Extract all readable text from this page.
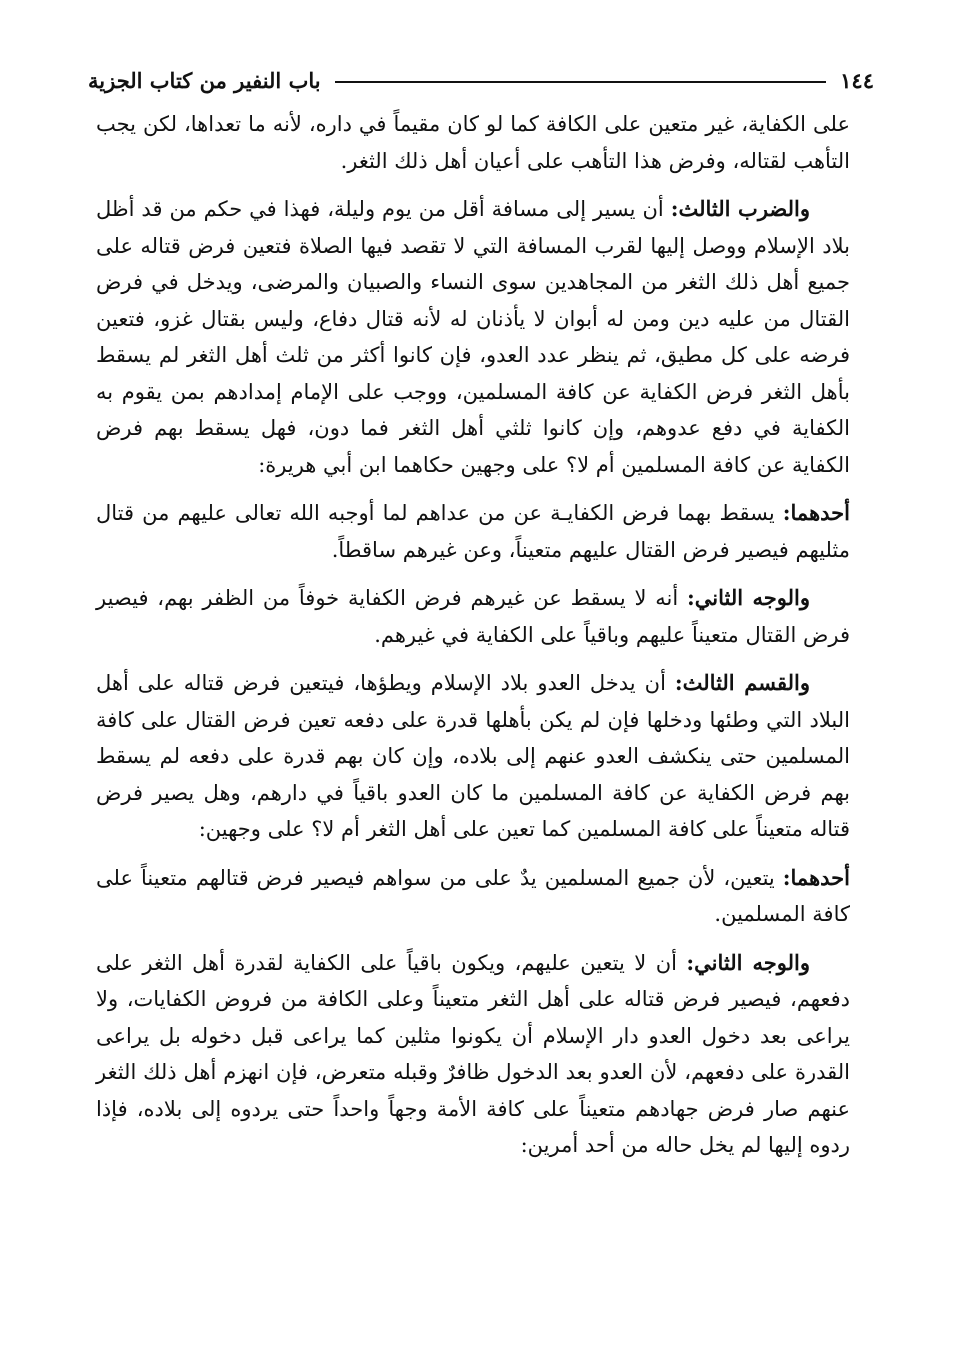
١٤٤
باب النفير من كتاب الجزية

على الكفاية، غير متعين على الكافة كما لو كان مقيماً في داره، لأنه ما تعداها، لكن يجب التأهب لقتاله، وفرض هذا التأهب على أعيان أهل ذلك الثغر.

والضرب الثالث: أن يسير إلى مسافة أقل من يوم وليلة، فهذا في حكم من قد أظل بلاد الإسلام ووصل إليها لقرب المسافة التي لا تقصد فيها الصلاة فتعين فرض قتاله على جميع أهل ذلك الثغر من المجاهدين سوى النساء والصبيان والمرضى، ويدخل في فرض القتال من عليه دين ومن له أبوان لا يأذنان له لأنه قتال دفاع، وليس بقتال غزو، فتعين فرضه على كل مطيق، ثم ينظر عدد العدو، فإن كانوا أكثر من ثلث أهل الثغر لم يسقط بأهل الثغر فرض الكفاية عن كافة المسلمين، ووجب على الإمام إمدادهم بمن يقوم به الكفاية في دفع عدوهم، وإن كانوا ثلثي أهل الثغر فما دون، فهل يسقط بهم فرض الكفاية عن كافة المسلمين أم لا؟ على وجهين حكاهما ابن أبي هريرة:

أحدهما: يسقط بهما فرض الكفايـة عن من عداهم لما أوجبه الله تعالى عليهم من قتال مثليهم فيصير فرض القتال عليهم متعيناً، وعن غيرهم ساقطاً.

والوجه الثاني: أنه لا يسقط عن غيرهم فرض الكفاية خوفاً من الظفر بهم، فيصير فرض القتال متعيناً عليهم وباقياً على الكفاية في غيرهم.

والقسم الثالث: أن يدخل العدو بلاد الإسلام ويطؤها، فيتعين فرض قتاله على أهل البلاد التي وطئها ودخلها فإن لم يكن بأهلها قدرة على دفعه تعين فرض القتال على كافة المسلمين حتى ينكشف العدو عنهم إلى بلاده، وإن كان بهم قدرة على دفعه لم يسقط بهم فرض الكفاية عن كافة المسلمين ما كان العدو باقياً في دارهم، وهل يصير فرض قتاله متعيناً على كافة المسلمين كما تعين على أهل الثغر أم لا؟ على وجهين:

أحدهما: يتعين، لأن جميع المسلمين يدٌ على من سواهم فيصير فرض قتالهم متعيناً على كافة المسلمين.

والوجه الثاني: أن لا يتعين عليهم، ويكون باقياً على الكفاية لقدرة أهل الثغر على دفعهم، فيصير فرض قتاله على أهل الثغر متعيناً وعلى الكافة من فروض الكفايات، ولا يراعى بعد دخول العدو دار الإسلام أن يكونوا مثلين كما يراعى قبل دخوله بل يراعى القدرة على دفعهم، لأن العدو بعد الدخول ظافرٌ وقبله متعرض، فإن انهزم أهل ذلك الثغر عنهم صار فرض جهادهم متعيناً على كافة الأمة وجهاً واحداً حتى يردوه إلى بلاده، فإذا ردوه إليها لم يخل حاله من أحد أمرين:
